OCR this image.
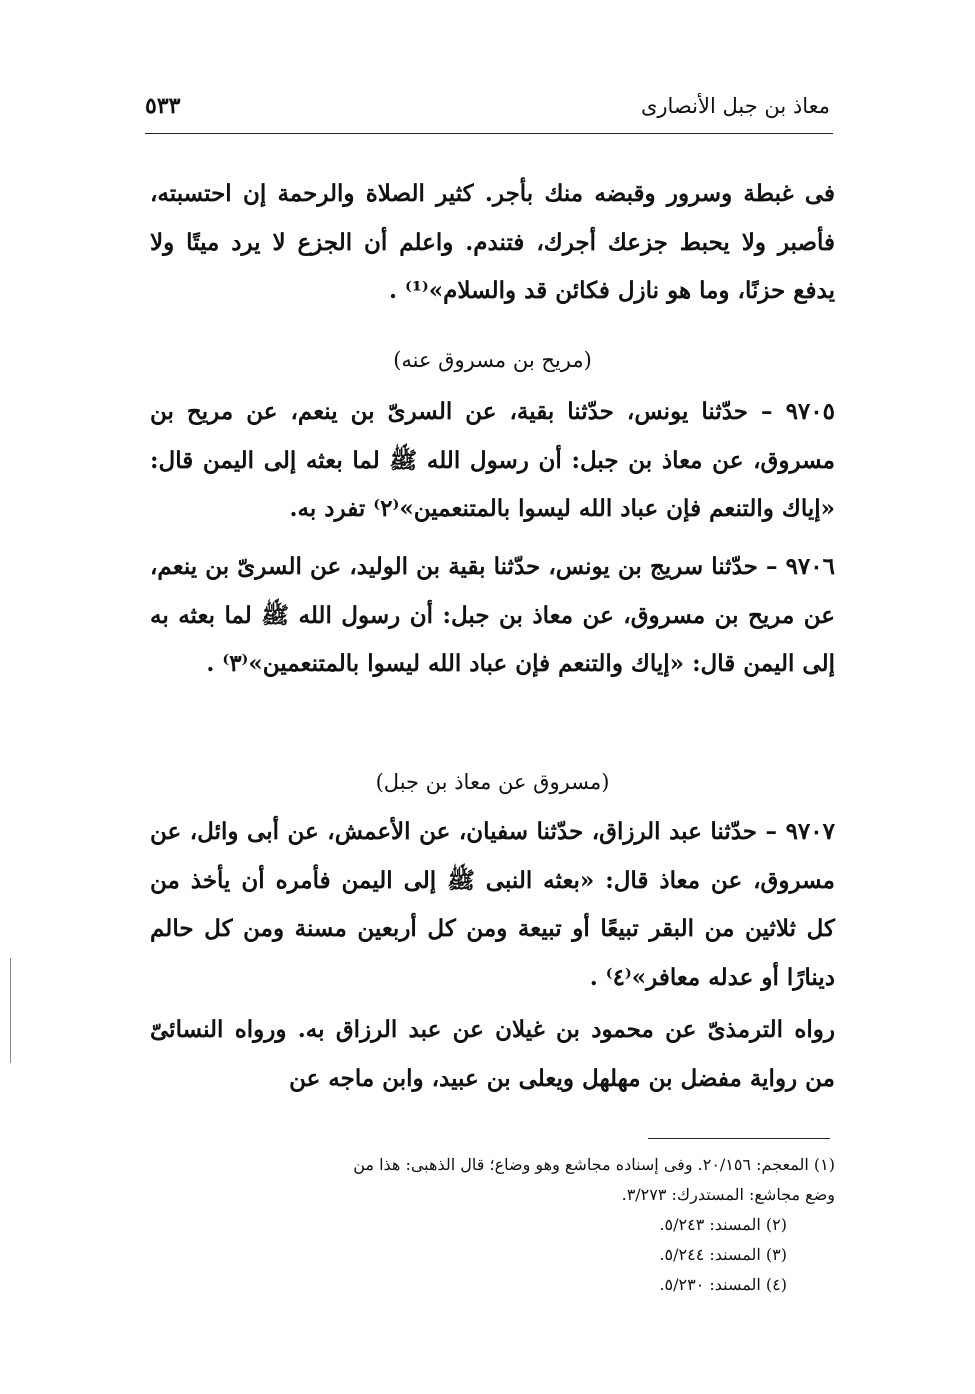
معاذ بن جبل الأنصارى
٥٣٣

فى غبطة وسرور وقبضه منك بأجر. كثير الصلاة والرحمة إن احتسبته، فأصبر ولا يحبط جزعك أجرك، فتندم. واعلم أن الجزع لا يرد ميتًا ولا يدفع حزنًا، وما هو نازل فكائن قد والسلام»⁽¹⁾ .

(مريح بن مسروق عنه)

٩٧٠٥ – حدّثنا يونس، حدّثنا بقية، عن السرىّ بن ينعم، عن مريح بن مسروق، عن معاذ بن جبل: أن رسول الله ﷺ لما بعثه إلى اليمن قال: «إياك والتنعم فإن عباد الله ليسوا بالمتنعمين»⁽٢⁾ تفرد به.

٩٧٠٦ – حدّثنا سريج بن يونس، حدّثنا بقية بن الوليد، عن السرىّ بن ينعم، عن مريح بن مسروق، عن معاذ بن جبل: أن رسول الله ﷺ لما بعثه به إلى اليمن قال: «إياك والتنعم فإن عباد الله ليسوا بالمتنعمين»⁽٣⁾ .

(مسروق عن معاذ بن جبل)

٩٧٠٧ – حدّثنا عبد الرزاق، حدّثنا سفيان، عن الأعمش، عن أبى وائل، عن مسروق، عن معاذ قال: «بعثه النبى ﷺ إلى اليمن فأمره أن يأخذ من كل ثلاثين من البقر تبيعًا أو تبيعة ومن كل أربعين مسنة ومن كل حالم دينارًا أو عدله معافر»⁽٤⁾ .

رواه الترمذىّ عن محمود بن غيلان عن عبد الرزاق به. ورواه النسائىّ من رواية مفضل بن مهلهل ويعلى بن عبيد، وابن ماجه عن

(١) المعجم: ٢٠/١٥٦. وفى إسناده مجاشع وهو وضاع؛ قال الذهبى: هذا من

وضع مجاشع: المستدرك: ٣/٢٧٣.

(٢) المسند: ٥/٢٤٣.

(٣) المسند: ٥/٢٤٤.

(٤) المسند: ٥/٢٣٠.
